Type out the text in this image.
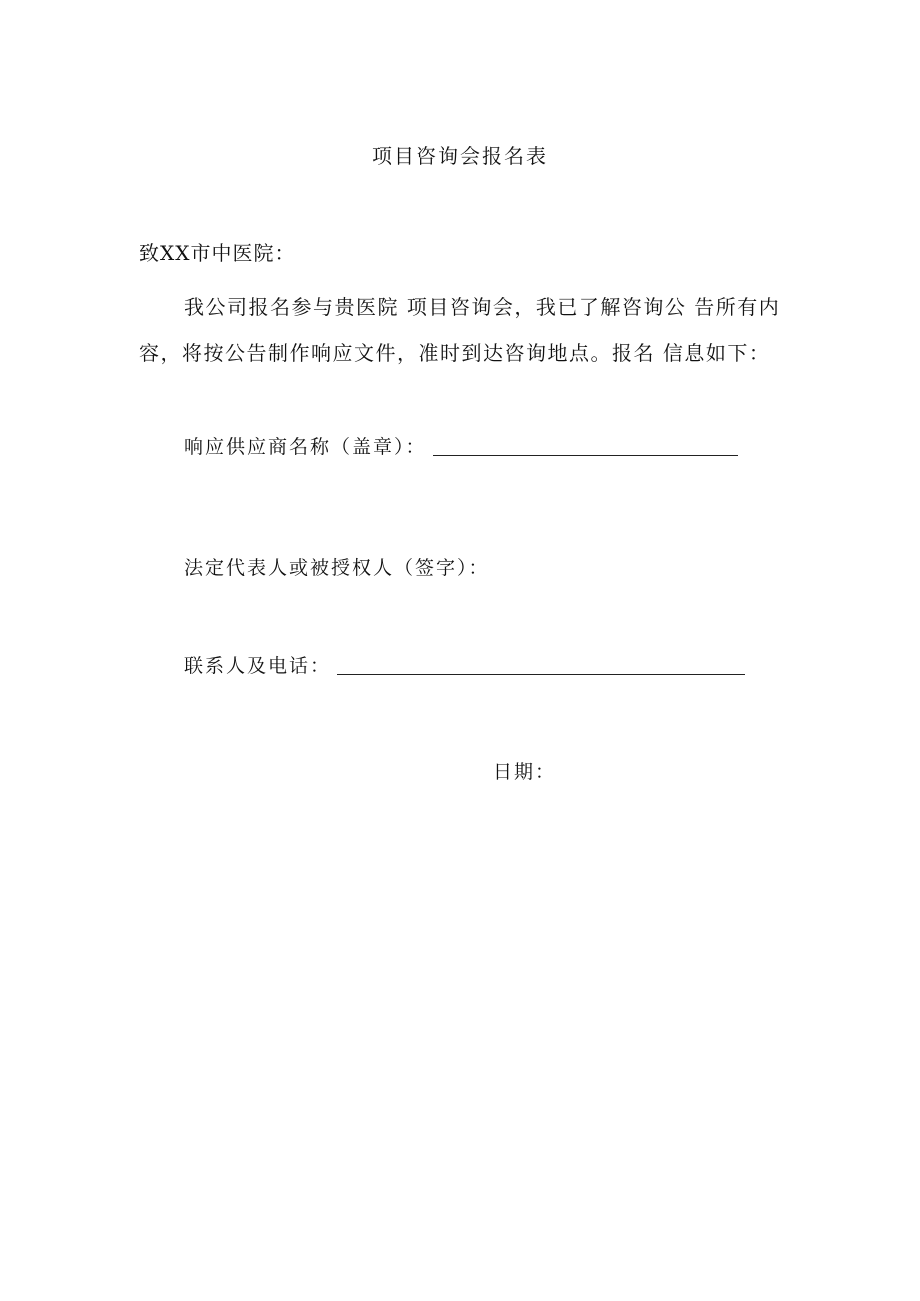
项目咨询会报名表
致XX市中医院：
我公司报名参与贵医院 项目咨询会，我已了解咨询公 告所有内容，将按公告制作响应文件，准时到达咨询地点。报名 信息如下：
响应供应商名称（盖章）：
法定代表人或被授权人（签字）：
联系人及电话：
日期：
